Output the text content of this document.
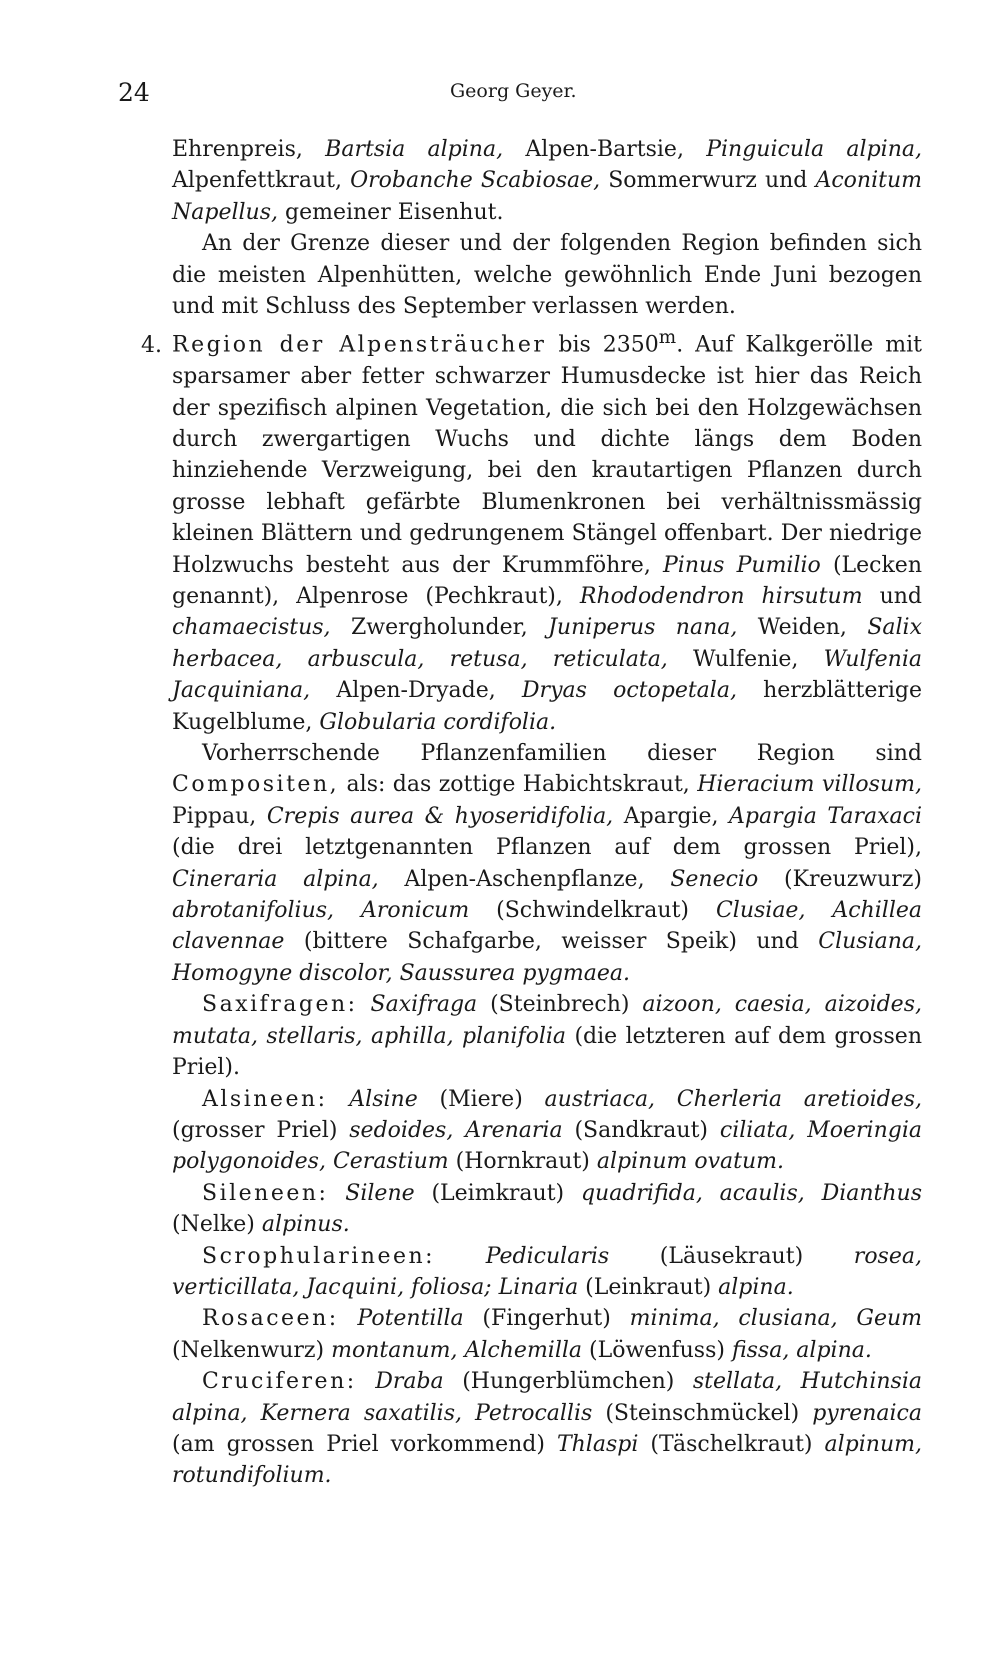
24	Georg Geyer.

Ehrenpreis, Bartsia alpina, Alpen-Bartsie, Pinguicula alpina, Alpenfettkraut, Orobanche Scabiosae, Sommerwurz und Aconitum Napellus, gemeiner Eisenhut.

An der Grenze dieser und der folgenden Region befinden sich die meisten Alpenhütten, welche gewöhnlich Ende Juni bezogen und mit Schluss des September verlassen werden.

4.Region der Alpensträucher bis 2350$^m$. Auf Kalkgerölle mit sparsamer aber fetter schwarzer Humusdecke ist hier das Reich der spezifisch alpinen Vegetation, die sich bei den Holzgewächsen durch zwergartigen Wuchs und dichte längs dem Boden hinziehende Verzweigung, bei den krautartigen Pflanzen durch grosse lebhaft gefärbte Blumenkronen bei verhältnissmässig kleinen Blättern und gedrungenem Stängel offenbart. Der niedrige Holzwuchs besteht aus der Krummföhre, Pinus Pumilio (Lecken genannt), Alpenrose (Pechkraut), Rhododendron hirsutum und chamaecistus, Zwergholunder, Juniperus nana, Weiden, Salix herbacea, arbuscula, retusa, reticulata, Wulfenie, Wulfenia Jacquiniana, Alpen-Dryade, Dryas octopetala, herzblätterige Kugelblume, Globularia cordifolia.

Vorherrschende Pflanzenfamilien dieser Region sind Compositen, als: das zottige Habichtskraut, Hieracium villosum, Pippau, Crepis aurea & hyoseridifolia, Apargie, Apargia Taraxaci (die drei letztgenannten Pflanzen auf dem grossen Priel), Cineraria alpina, Alpen-Aschenpflanze, Senecio (Kreuzwurz) abrotanifolius, Aronicum (Schwindelkraut) Clusiae, Achillea clavennae (bittere Schafgarbe, weisser Speik) und Clusiana, Homogyne discolor, Saussurea pygmaea.

Saxifragen: Saxifraga (Steinbrech) aizoon, caesia, aizoides, mutata, stellaris, aphilla, planifolia (die letzteren auf dem grossen Priel).

Alsineen: Alsine (Miere) austriaca, Cherleria aretioides, (grosser Priel) sedoides, Arenaria (Sandkraut) ciliata, Moeringia polygonoides, Cerastium (Hornkraut) alpinum ovatum.

Sileneen: Silene (Leimkraut) quadrifida, acaulis, Dianthus (Nelke) alpinus.

Scrophularineen: Pedicularis (Läusekraut) rosea, verticillata, Jacquini, foliosa; Linaria (Leinkraut) alpina.

Rosaceen: Potentilla (Fingerhut) minima, clusiana, Geum (Nelkenwurz) montanum, Alchemilla (Löwenfuss) fissa, alpina.

Cruciferen: Draba (Hungerblümchen) stellata, Hutchinsia alpina, Kernera saxatilis, Petrocallis (Steinschmückel) pyrenaica (am grossen Priel vorkommend) Thlaspi (Täschelkraut) alpinum, rotundifolium.
